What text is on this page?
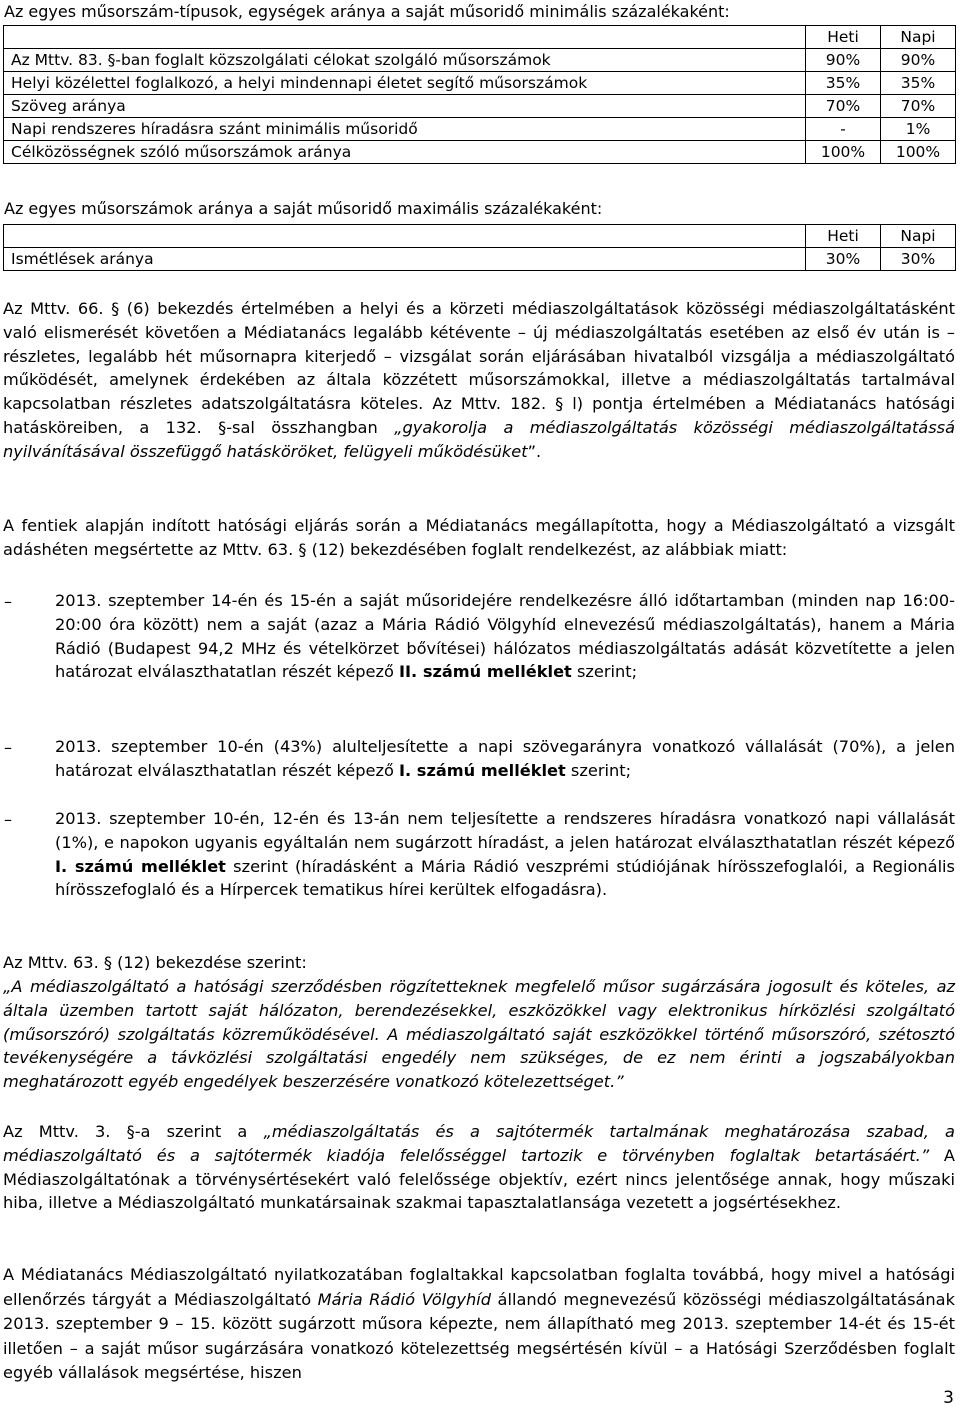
Az egyes műsorszám-típusok, egységek aránya a saját műsoridő minimális százalékaként:
	Heti	Napi
Az Mttv. 83. §-ban foglalt közszolgálati célokat szolgáló műsorszámok	90%	90%
Helyi közélettel foglalkozó, a helyi mindennapi életet segítő műsorszámok	35%	35%
Szöveg aránya	70%	70%
Napi rendszeres híradásra szánt minimális műsoridő	-	1%
Célközösségnek szóló műsorszámok aránya	100%	100%
Az egyes műsorszámok aránya a saját műsoridő maximális százalékaként:
	Heti	Napi
Ismétlések aránya	30%	30%

Az Mttv. 66. § (6) bekezdés értelmében a helyi és a körzeti médiaszolgáltatások közösségi médiaszolgáltatásként való elismerését követően a Médiatanács legalább kétévente – új médiaszolgáltatás esetében az első év után is – részletes, legalább hét műsornapra kiterjedő – vizsgálat során eljárásában hivatalból vizsgálja a médiaszolgáltató működését, amelynek érdekében az általa közzétett műsorszámokkal, illetve a médiaszolgáltatás tartalmával kapcsolatban részletes adatszolgáltatásra köteles. Az Mttv. 182. § l) pontja értelmében a Médiatanács hatósági hatásköreiben, a 132. §-sal összhangban „gyakorolja a médiaszolgáltatás közösségi médiaszolgáltatássá nyilvánításával összefüggő hatásköröket, felügyeli működésüket”.

A fentiek alapján indított hatósági eljárás során a Médiatanács megállapította, hogy a Médiaszolgáltató a vizsgált adáshéten megsértette az Mttv. 63. § (12) bekezdésében foglalt rendelkezést, az alábbiak miatt:

–	2013. szeptember 14-én és 15-én a saját műsoridejére rendelkezésre álló időtartamban (minden nap 16:00-20:00 óra között) nem a saját (azaz a Mária Rádió Völgyhíd elnevezésű médiaszolgáltatás), hanem a Mária Rádió (Budapest 94,2 MHz és vételkörzet bővítései) hálózatos médiaszolgáltatás adását közvetítette a jelen határozat elválaszthatatlan részét képező II. számú melléklet szerint;

–	2013. szeptember 10-én (43%) alulteljesítette a napi szövegarányra vonatkozó vállalását (70%), a jelen határozat elválaszthatatlan részét képező I. számú melléklet szerint;

–	2013. szeptember 10-én, 12-én és 13-án nem teljesítette a rendszeres híradásra vonatkozó napi vállalását (1%), e napokon ugyanis egyáltalán nem sugárzott híradást, a jelen határozat elválaszthatatlan részét képező I. számú melléklet szerint (híradásként a Mária Rádió veszprémi stúdiójának hírösszefoglalói, a Regionális hírösszefoglaló és a Hírpercek tematikus hírei kerültek elfogadásra).

Az Mttv. 63. § (12) bekezdése szerint:

„A médiaszolgáltató a hatósági szerződésben rögzítetteknek megfelelő műsor sugárzására jogosult és köteles, az általa üzemben tartott saját hálózaton, berendezésekkel, eszközökkel vagy elektronikus hírközlési szolgáltató (műsorszóró) szolgáltatás közreműködésével. A médiaszolgáltató saját eszközökkel történő műsorszóró, szétosztó tevékenységére a távközlési szolgáltatási engedély nem szükséges, de ez nem érinti a jogszabályokban meghatározott egyéb engedélyek beszerzésére vonatkozó kötelezettséget.”

Az Mttv. 3. §-a szerint a „médiaszolgáltatás és a sajtótermék tartalmának meghatározása szabad, a médiaszolgáltató és a sajtótermék kiadója felelősséggel tartozik e törvényben foglaltak betartásáért.” A Médiaszolgáltatónak a törvénysértésekért való felelőssége objektív, ezért nincs jelentősége annak, hogy műszaki hiba, illetve a Médiaszolgáltató munkatársainak szakmai tapasztalatlansága vezetett a jogsértésekhez.

A Médiatanács Médiaszolgáltató nyilatkozatában foglaltakkal kapcsolatban foglalta továbbá, hogy mivel a hatósági ellenőrzés tárgyát a Médiaszolgáltató Mária Rádió Völgyhíd állandó megnevezésű közösségi médiaszolgáltatásának 2013. szeptember 9 – 15. között sugárzott műsora képezte, nem állapítható meg 2013. szeptember 14-ét és 15-ét illetően – a saját műsor sugárzására vonatkozó kötelezettség megsértésén kívül – a Hatósági Szerződésben foglalt egyéb vállalások megsértése, hiszen

3
